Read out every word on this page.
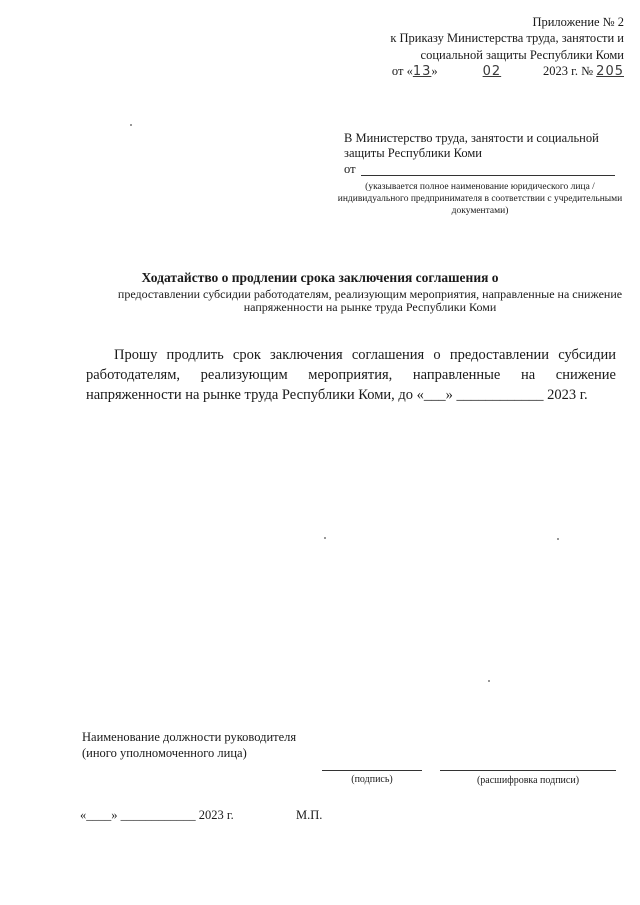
Приложение № 2
к Приказу Министерства труда, занятости и
социальной защиты Республики Коми
от «13»	02	2023 г. № 205
В Министерство труда, занятости и социальной
защиты Республики Коми
от
(указывается полное наименование юридического лица / индивидуального предпринимателя в соответствии с учредительными документами)
Ходатайство о продлении срока заключения соглашения о
предоставлении субсидии работодателям, реализующим мероприятия, направленные на снижение напряженности на рынке труда Республики Коми
Прошу продлить срок заключения соглашения о предоставлении субсидии работодателям, реализующим мероприятия, направленные на снижение напряженности на рынке труда Республики Коми, до «___» ____________ 2023 г.
Наименование должности руководителя
(иного уполномоченного лица)
(подпись)	(расшифровка подписи)
«____» ____________ 2023 г.	М.П.
